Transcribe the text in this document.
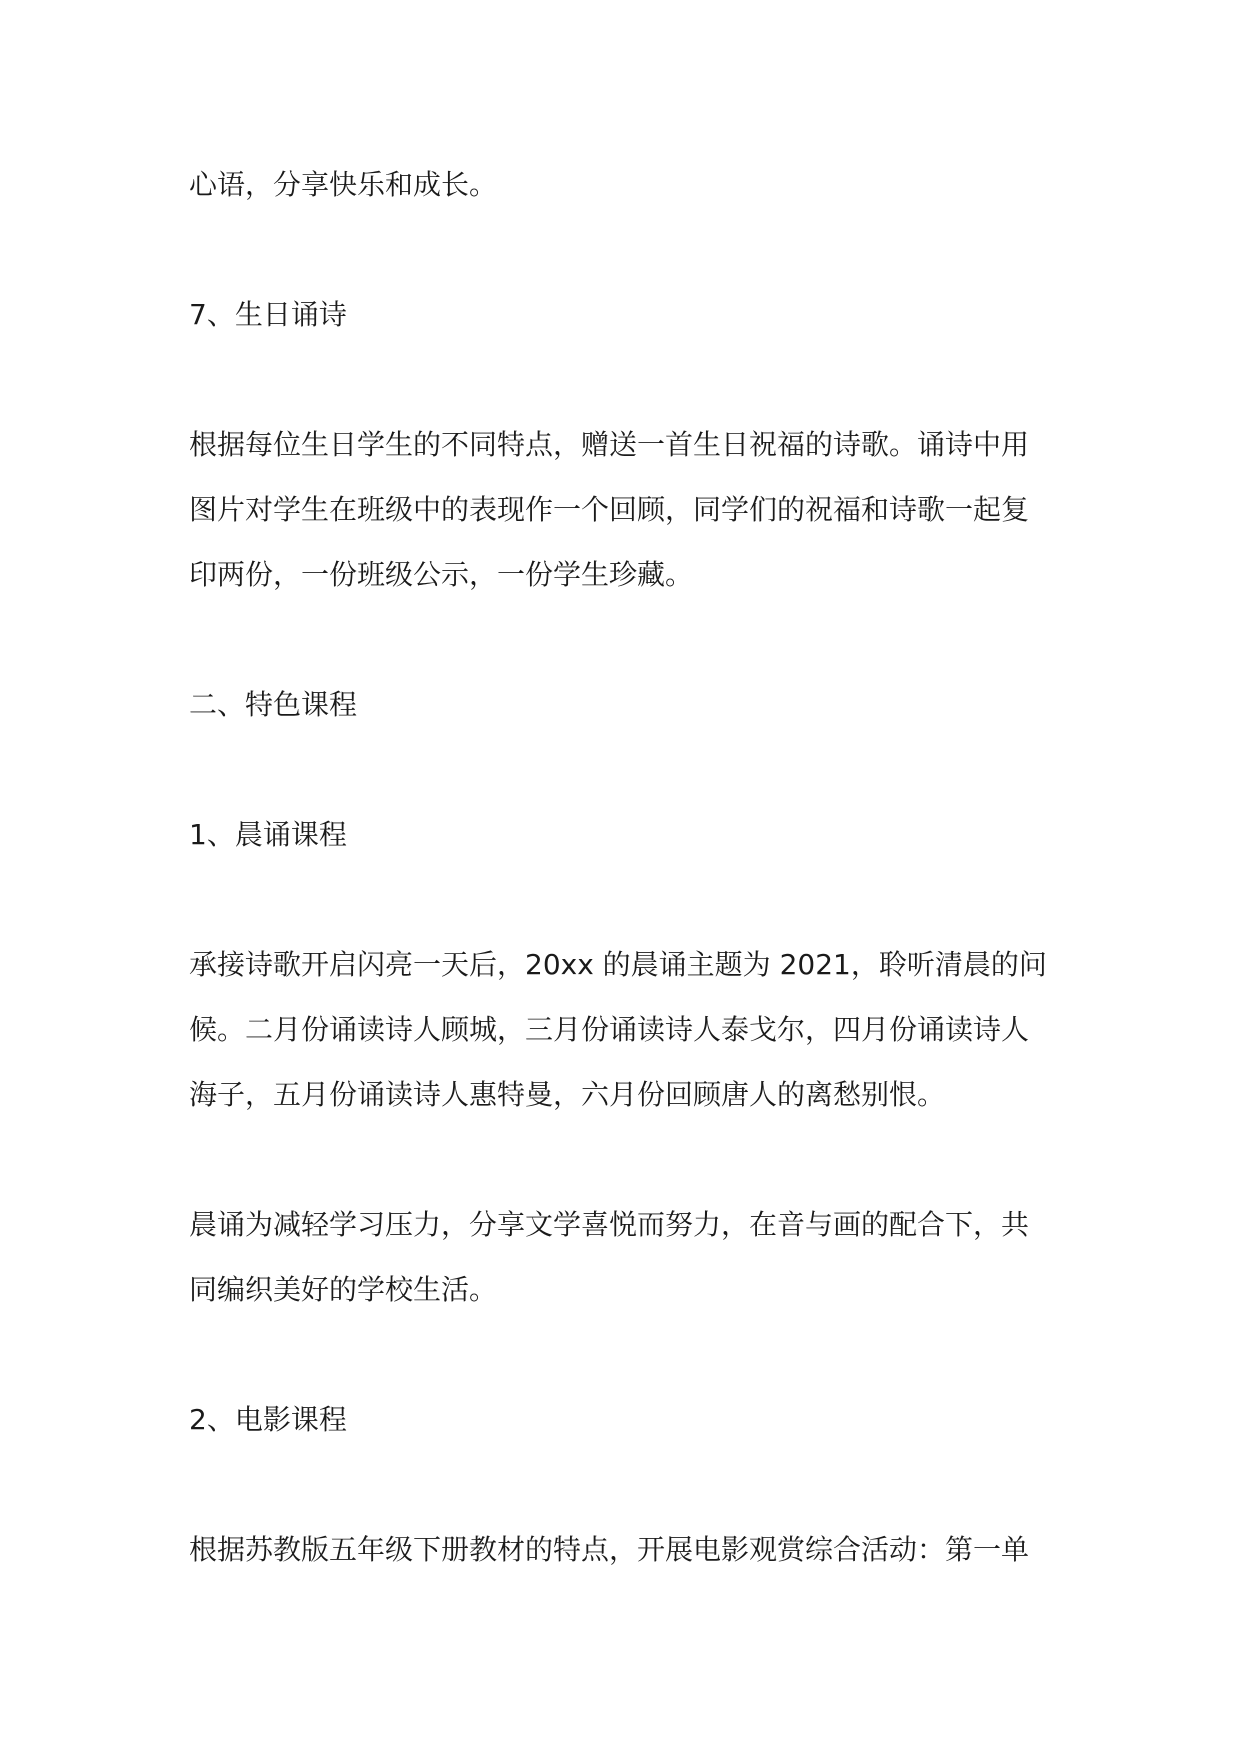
心语，分享快乐和成长。
7、生日诵诗
根据每位生日学生的不同特点，赠送一首生日祝福的诗歌。诵诗中用
图片对学生在班级中的表现作一个回顾，同学们的祝福和诗歌一起复
印两份，一份班级公示，一份学生珍藏。
二、特色课程
1、晨诵课程
承接诗歌开启闪亮一天后，20xx 的晨诵主题为 2021，聆听清晨的问
候。二月份诵读诗人顾城，三月份诵读诗人泰戈尔，四月份诵读诗人
海子，五月份诵读诗人惠特曼，六月份回顾唐人的离愁别恨。
晨诵为减轻学习压力，分享文学喜悦而努力，在音与画的配合下，共
同编织美好的学校生活。
2、电影课程
根据苏教版五年级下册教材的特点，开展电影观赏综合活动：第一单
